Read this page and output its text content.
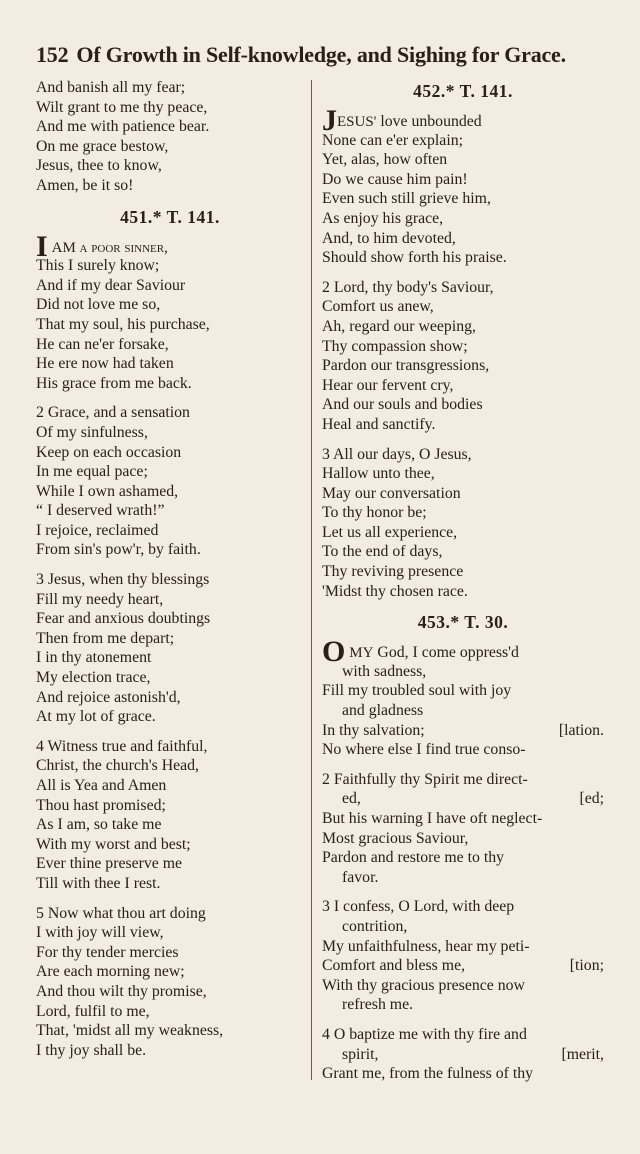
152 Of Growth in Self-knowledge, and Sighing for Grace.
And banish all my fear;
Wilt grant to me thy peace,
And me with patience bear.
On me grace bestow,
Jesus, thee to know,
Amen, be it so!
451.* T. 141.
I AM a poor sinner,
This I surely know;
And if my dear Saviour
Did not love me so,
That my soul, his purchase,
He can ne'er forsake,
He ere now had taken
His grace from me back.
2 Grace, and a sensation
Of my sinfulness,
Keep on each occasion
In me equal pace;
While I own ashamed,
“ I deserved wrath!”
I rejoice, reclaimed
From sin's pow'r, by faith.
3 Jesus, when thy blessings
Fill my needy heart,
Fear and anxious doubtings
Then from me depart;
I in thy atonement
My election trace,
And rejoice astonish'd,
At my lot of grace.
4 Witness true and faithful,
Christ, the church's Head,
All is Yea and Amen
Thou hast promised;
As I am, so take me
With my worst and best;
Ever thine preserve me
Till with thee I rest.
5 Now what thou art doing
I with joy will view,
For thy tender mercies
Are each morning new;
And thou wilt thy promise,
Lord, fulfil to me,
That, 'midst all my weakness,
I thy joy shall be.
452.* T. 141.
JESUS' love unbounded
None can e'er explain;
Yet, alas, how often
Do we cause him pain!
Even such still grieve him,
As enjoy his grace,
And, to him devoted,
Should show forth his praise.
2 Lord, thy body's Saviour,
Comfort us anew,
Ah, regard our weeping,
Thy compassion show;
Pardon our transgressions,
Hear our fervent cry,
And our souls and bodies
Heal and sanctify.
3 All our days, O Jesus,
Hallow unto thee,
May our conversation
To thy honor be;
Let us all experience,
To the end of days,
Thy reviving presence
'Midst thy chosen race.
453.* T. 30.
O MY God, I come oppress'd
with sadness,
Fill my troubled soul with joy
and gladness
In thy salvation;	[lation.
No where else I find true conso-
2 Faithfully thy Spirit me direct-
ed,	[ed;
But his warning I have oft neglect-
Most gracious Saviour,
Pardon and restore me to thy
favor.
3 I confess, O Lord, with deep
contrition,
My unfaithfulness, hear my peti-
Comfort and bless me,	[tion;
With thy gracious presence now
refresh me.
4 O baptize me with thy fire and
spirit,	[merit,
Grant me, from the fulness of thy
